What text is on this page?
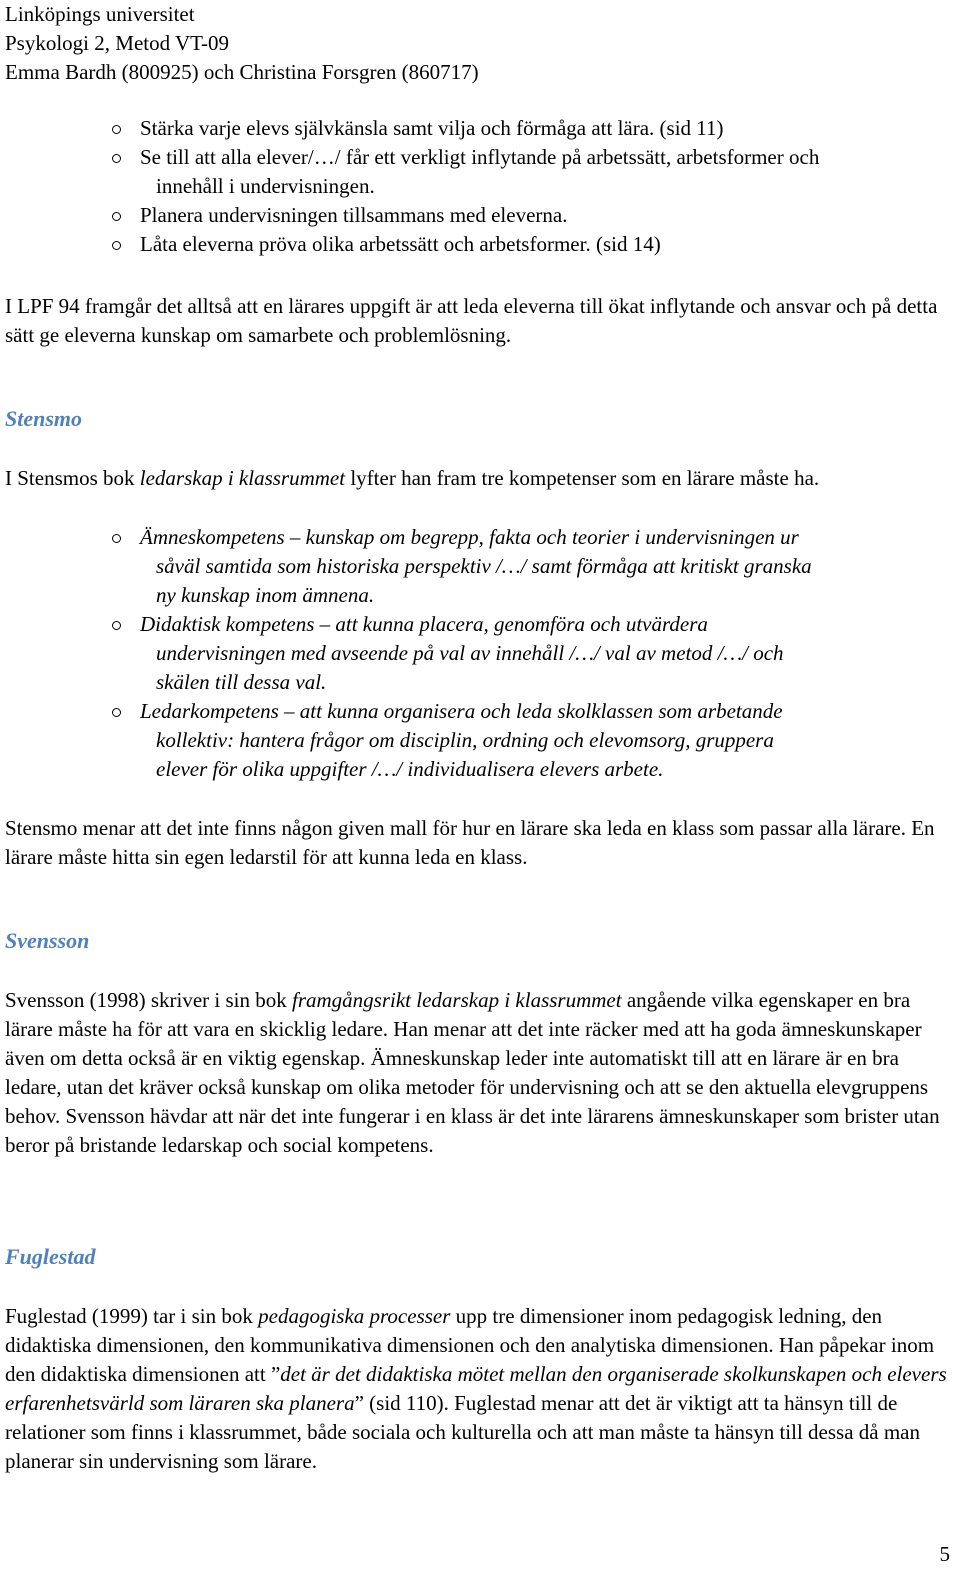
Linköpings universitet
Psykologi 2, Metod VT-09
Emma Bardh (800925) och Christina Forsgren (860717)
Stärka varje elevs självkänsla samt vilja och förmåga att lära. (sid 11)
Se till att alla elever/…/ får ett verkligt inflytande på arbetssätt, arbetsformer och
innehåll i undervisningen.
Planera undervisningen tillsammans med eleverna.
Låta eleverna pröva olika arbetssätt och arbetsformer. (sid 14)

I LPF 94 framgår det alltså att en lärares uppgift är att leda eleverna till ökat inflytande och ansvar och på detta sätt ge eleverna kunskap om samarbete och problemlösning.

Stensmo

I Stensmos bok ledarskap i klassrummet lyfter han fram tre kompetenser som en lärare måste ha.

Ämneskompetens – kunskap om begrepp, fakta och teorier i undervisningen ur
såväl samtida som historiska perspektiv /…/ samt förmåga att kritiskt granska
ny kunskap inom ämnena.
Didaktisk kompetens – att kunna placera, genomföra och utvärdera
undervisningen med avseende på val av innehåll /…/ val av metod /…/ och
skälen till dessa val.
Ledarkompetens – att kunna organisera och leda skolklassen som arbetande
kollektiv: hantera frågor om disciplin, ordning och elevomsorg, gruppera
elever för olika uppgifter /…/ individualisera elevers arbete.

Stensmo menar att det inte finns någon given mall för hur en lärare ska leda en klass som passar alla lärare. En lärare måste hitta sin egen ledarstil för att kunna leda en klass.

Svensson

Svensson (1998) skriver i sin bok framgångsrikt ledarskap i klassrummet angående vilka egenskaper en bra lärare måste ha för att vara en skicklig ledare. Han menar att det inte räcker med att ha goda ämneskunskaper även om detta också är en viktig egenskap. Ämneskunskap leder inte automatiskt till att en lärare är en bra ledare, utan det kräver också kunskap om olika metoder för undervisning och att se den aktuella elevgruppens behov. Svensson hävdar att när det inte fungerar i en klass är det inte lärarens ämneskunskaper som brister utan beror på bristande ledarskap och social kompetens.

Fuglestad

Fuglestad (1999) tar i sin bok pedagogiska processer upp tre dimensioner inom pedagogisk ledning, den didaktiska dimensionen, den kommunikativa dimensionen och den analytiska dimensionen. Han påpekar inom den didaktiska dimensionen att ”det är det didaktiska mötet mellan den organiserade skolkunskapen och elevers erfarenhetsvärld som läraren ska planera” (sid 110). Fuglestad menar att det är viktigt att ta hänsyn till de relationer som finns i klassrummet, både sociala och kulturella och att man måste ta hänsyn till dessa då man planerar sin undervisning som lärare.

5
